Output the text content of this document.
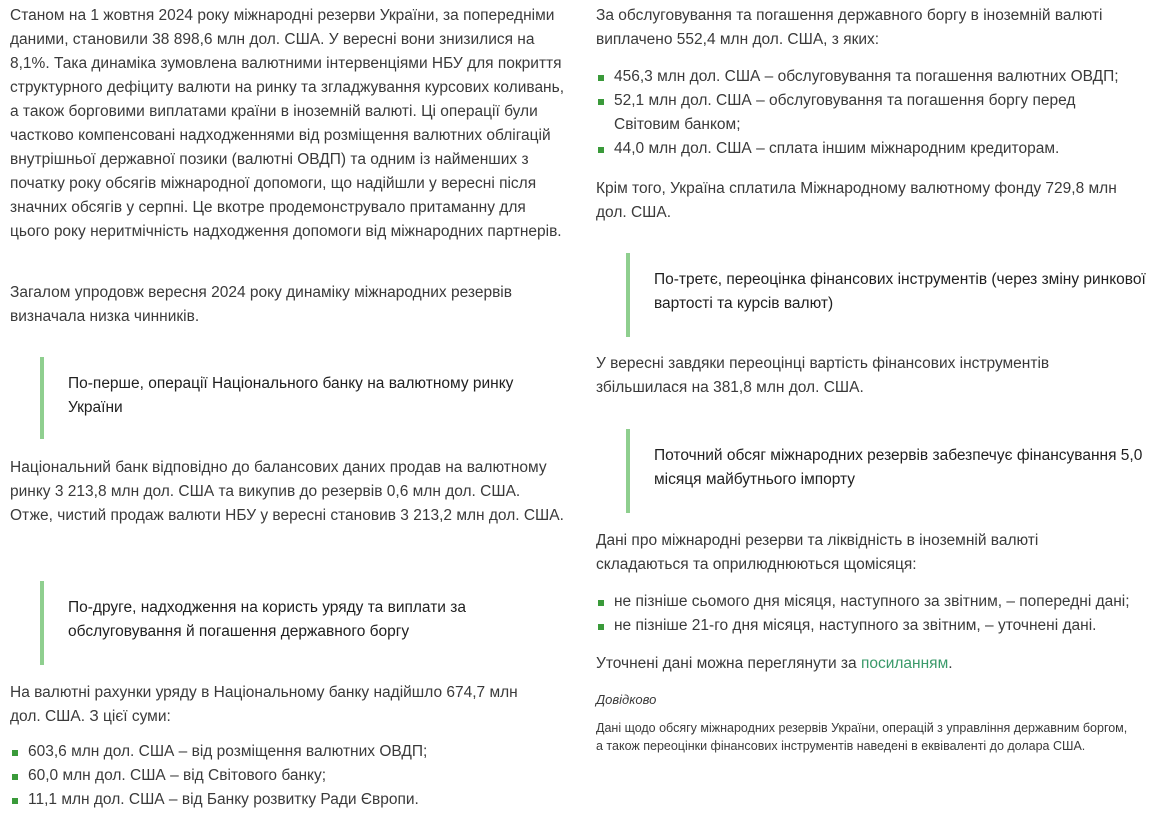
Станом на 1 жовтня 2024 року міжнародні резерви України, за попередніми даними, становили 38 898,6 млн дол. США. У вересні вони знизилися на 8,1%. Така динаміка зумовлена валютними інтервенціями НБУ для покриття структурного дефіциту валюти на ринку та згладжування курсових коливань, а також борговими виплатами країни в іноземній валюті. Ці операції були частково компенсовані надходженнями від розміщення валютних облігацій внутрішньої державної позики (валютні ОВДП) та одним із найменших з початку року обсягів міжнародної допомоги, що надійшли у вересні після значних обсягів у серпні. Це вкотре продемонструвало притаманну для цього року неритмічність надходження допомоги від міжнародних партнерів.

Загалом упродовж вересня 2024 року динаміку міжнародних резервів визначала низка чинників.

По-перше, операції Національного банку на валютному ринку України

Національний банк відповідно до балансових даних продав на валютному ринку 3 213,8 млн дол. США та викупив до резервів 0,6 млн дол. США. Отже, чистий продаж валюти НБУ у вересні становив 3 213,2 млн дол. США.

По-друге, надходження на користь уряду та виплати за обслуговування й погашення державного боргу

На валютні рахунки уряду в Національному банку надійшло 674,7 млн дол. США. З цієї суми:

603,6 млн дол. США – від розміщення валютних ОВДП;
60,0 млн дол. США – від Світового банку;
11,1 млн дол. США – від Банку розвитку Ради Європи.

За обслуговування та погашення державного боргу в іноземній валюті виплачено 552,4 млн дол. США, з яких:

456,3 млн дол. США – обслуговування та погашення валютних ОВДП;
52,1 млн дол. США – обслуговування та погашення боргу перед Світовим банком;
44,0 млн дол. США – сплата іншим міжнародним кредиторам.

Крім того, Україна сплатила Міжнародному валютному фонду 729,8 млн дол. США.

По-третє, переоцінка фінансових інструментів (через зміну ринкової вартості та курсів валют)

У вересні завдяки переоцінці вартість фінансових інструментів збільшилася на 381,8 млн дол. США.

Поточний обсяг міжнародних резервів забезпечує фінансування 5,0 місяця майбутнього імпорту

Дані про міжнародні резерви та ліквідність в іноземній валюті складаються та оприлюднюються щомісяця:

не пізніше сьомого дня місяця, наступного за звітним, – попередні дані;
не пізніше 21-го дня місяця, наступного за звітним, – уточнені дані.

Уточнені дані можна переглянути за посиланням.

Довідково

Дані щодо обсягу міжнародних резервів України, операцій з управління державним боргом, а також переоцінки фінансових інструментів наведені в еквіваленті до долара США.
